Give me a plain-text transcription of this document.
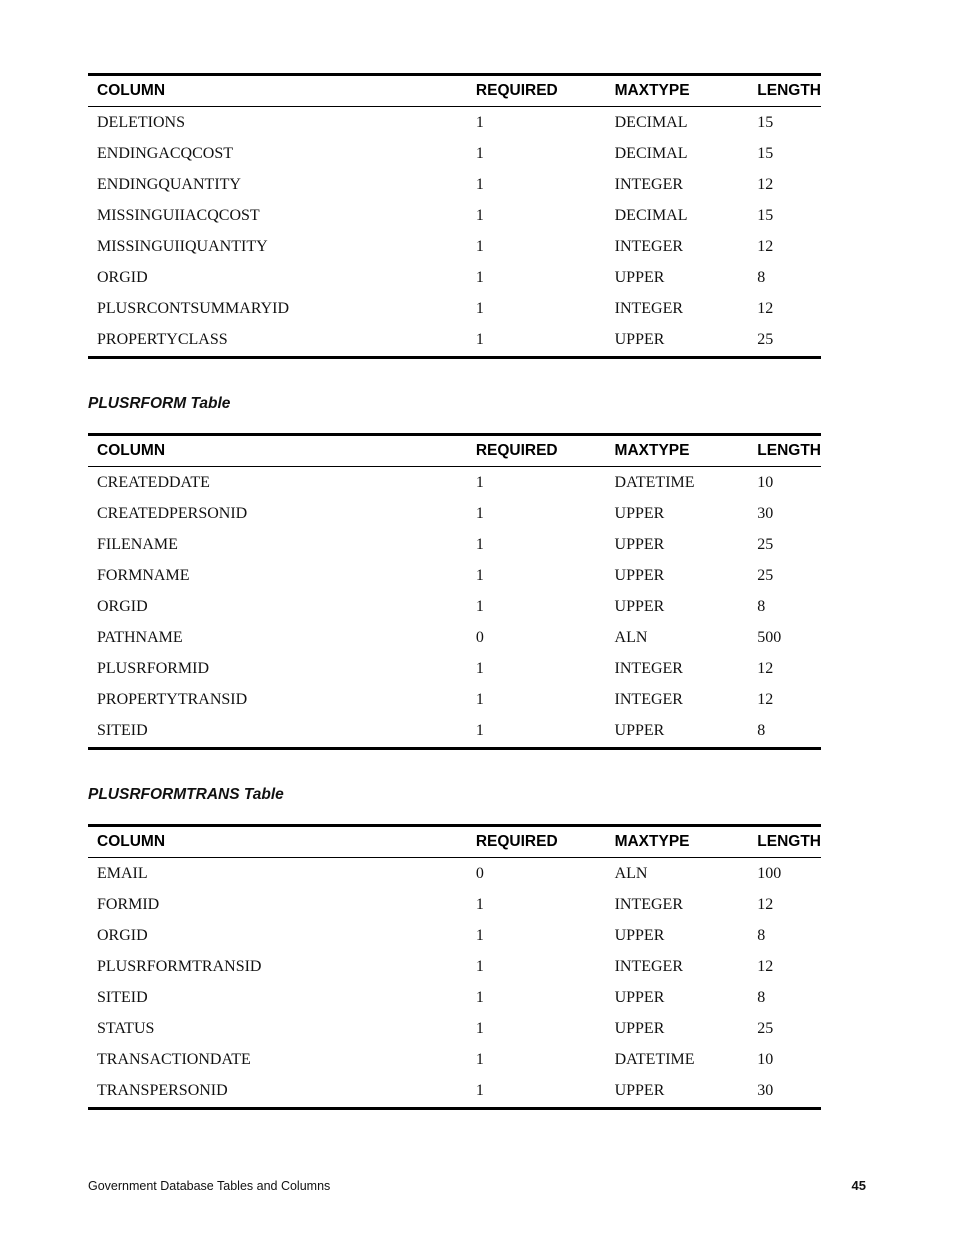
COLUMN	REQUIRED	MAXTYPE	LENGTH
DELETIONS	1	DECIMAL	15
ENDINGACQCOST	1	DECIMAL	15
ENDINGQUANTITY	1	INTEGER	12
MISSINGUIIACQCOST	1	DECIMAL	15
MISSINGUIIQUANTITY	1	INTEGER	12
ORGID	1	UPPER	8
PLUSRCONTSUMMARYID	1	INTEGER	12
PROPERTYCLASS	1	UPPER	25
PLUSRFORM Table
COLUMN	REQUIRED	MAXTYPE	LENGTH
CREATEDDATE	1	DATETIME	10
CREATEDPERSONID	1	UPPER	30
FILENAME	1	UPPER	25
FORMNAME	1	UPPER	25
ORGID	1	UPPER	8
PATHNAME	0	ALN	500
PLUSRFORMID	1	INTEGER	12
PROPERTYTRANSID	1	INTEGER	12
SITEID	1	UPPER	8
PLUSRFORMTRANS Table
COLUMN	REQUIRED	MAXTYPE	LENGTH
EMAIL	0	ALN	100
FORMID	1	INTEGER	12
ORGID	1	UPPER	8
PLUSRFORMTRANSID	1	INTEGER	12
SITEID	1	UPPER	8
STATUS	1	UPPER	25
TRANSACTIONDATE	1	DATETIME	10
TRANSPERSONID	1	UPPER	30
Government Database Tables and Columns	45
